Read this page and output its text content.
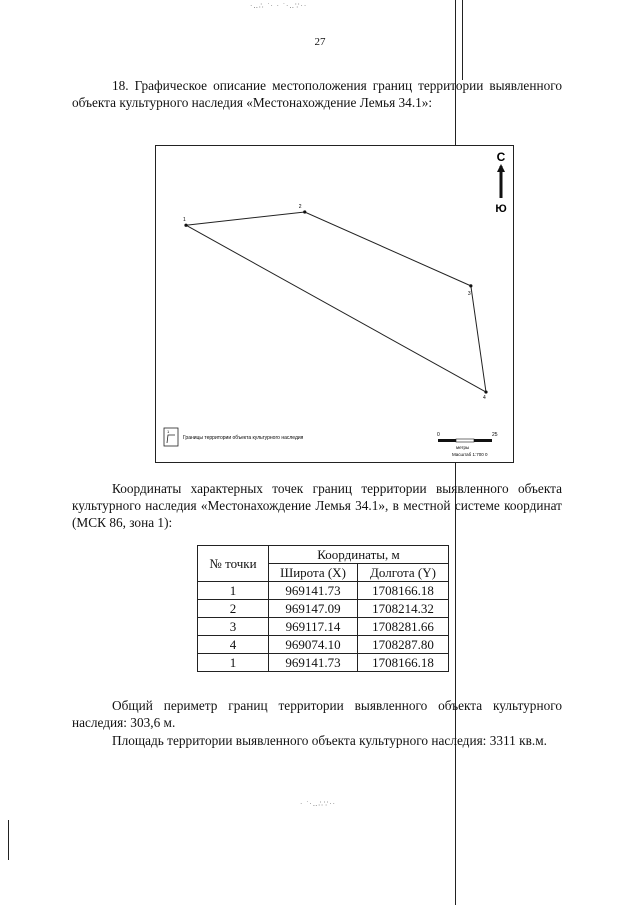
·‥∴ ˙· · ˙·‥∵··
· ˙·‥∴∵··
27
18. Графическое описание местоположения границ территории выявленного объекта культурного наследия «Местонахождение Лемья 34.1»:
1
2
3
4
С
Ю
1
Границы территории объекта культурного наследия	0	25
метры
Масштаб 1:700 0
Координаты характерных точек границ территории выявленного объекта культурного наследия «Местонахождение Лемья 34.1», в местной системе координат (МСК 86, зона 1):
№ точки	Координаты, м	
	Широта (X)	Долгота (Y)
1	969141.73	1708166.18
2	969147.09	1708214.32
3	969117.14	1708281.66
4	969074.10	1708287.80
1	969141.73	1708166.18
Общий периметр границ территории выявленного объекта культурного наследия: 303,6 м.
Площадь территории выявленного объекта культурного наследия: 3311 кв.м.
